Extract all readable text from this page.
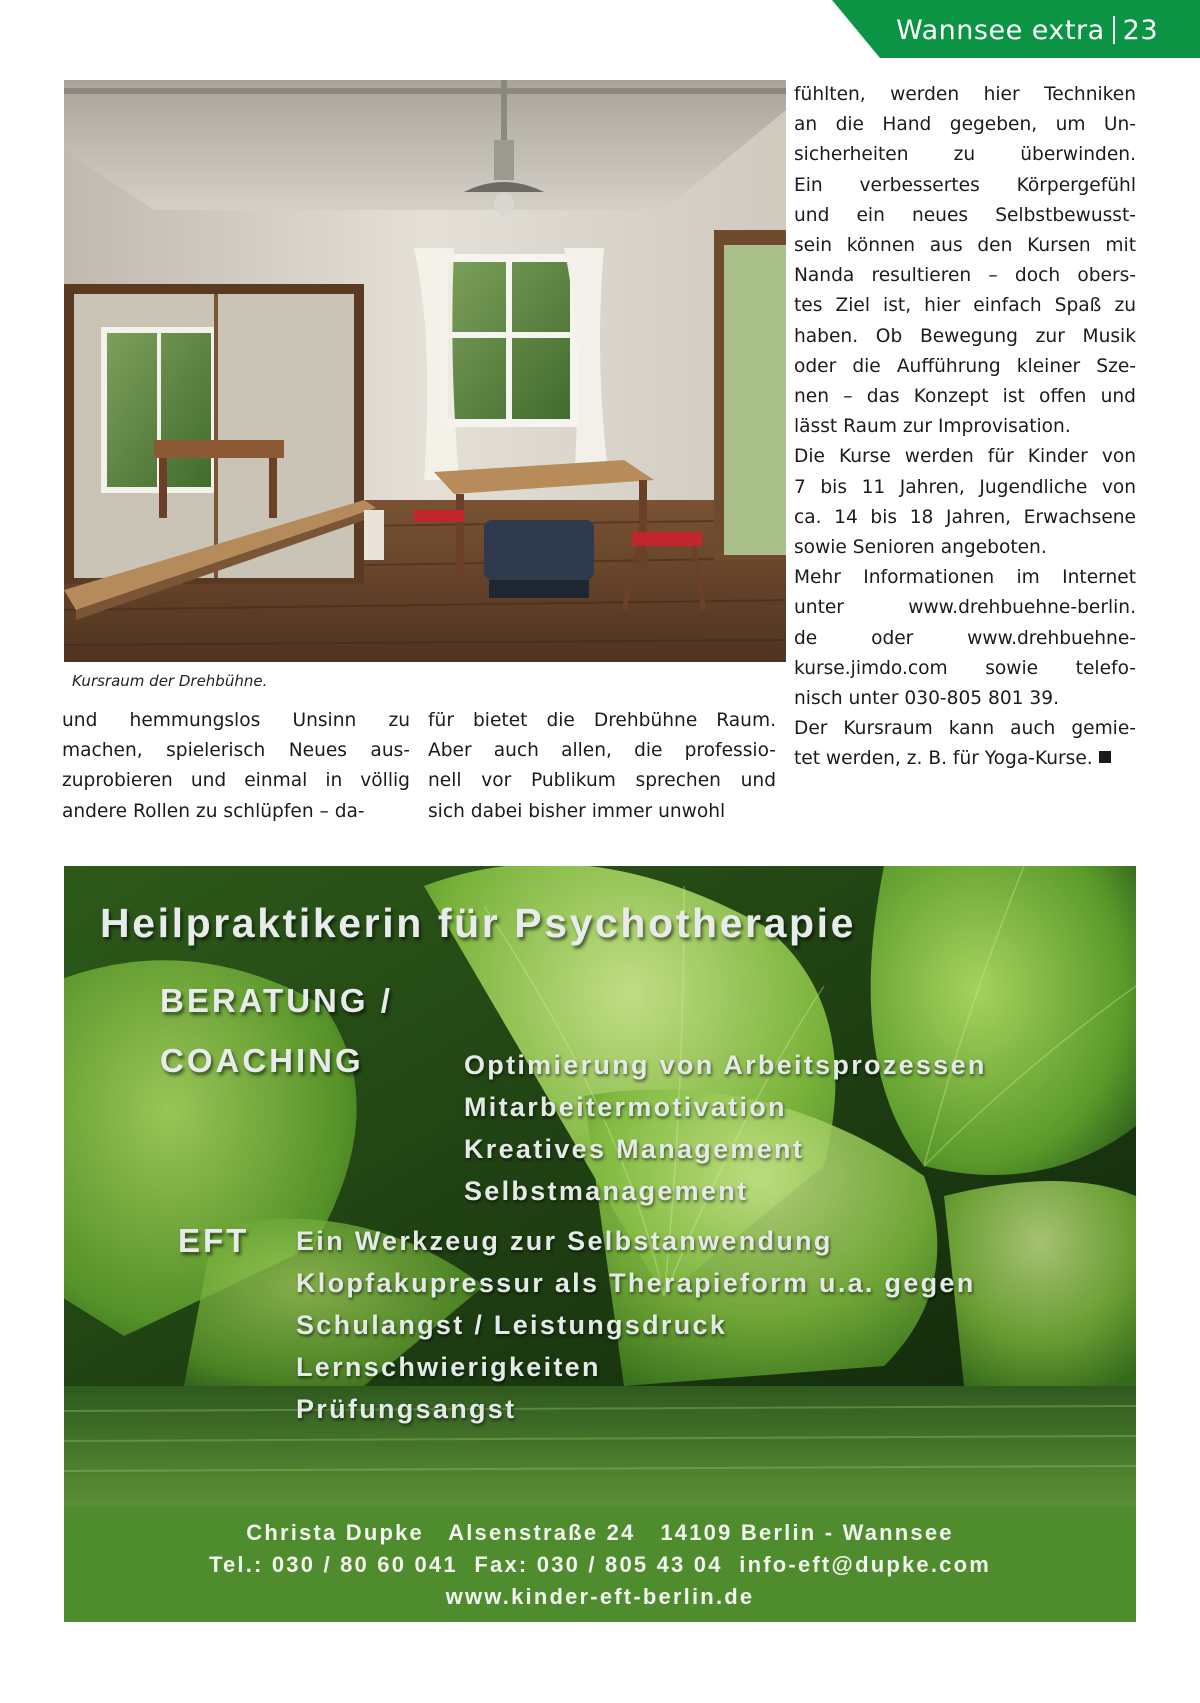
Wannsee extra 23
Kursraum der Drehbühne.
und hemmungslos Unsinn zu
machen, spielerisch Neues aus-
zuprobieren und einmal in völlig
andere Rollen zu schlüpfen – da-
für bietet die Drehbühne Raum.
Aber auch allen, die professio-
nell vor Publikum sprechen und
sich dabei bisher immer unwohl
fühlten, werden hier Techniken
an die Hand gegeben, um Un-
sicherheiten zu überwinden.
Ein verbessertes Körpergefühl
und ein neues Selbstbewusst-
sein können aus den Kursen mit
Nanda resultieren – doch obers-
tes Ziel ist, hier einfach Spaß zu
haben. Ob Bewegung zur Musik
oder die Aufführung kleiner Sze-
nen – das Konzept ist offen und
lässt Raum zur Improvisation.
Die Kurse werden für Kinder von
7 bis 11 Jahren, Jugendliche von
ca. 14 bis 18 Jahren, Erwachsene
sowie Senioren angeboten.
Mehr Informationen im Internet
unter www.drehbuehne-berlin.
de oder www.drehbuehne-
kurse.jimdo.com sowie telefo-
nisch unter 030-805 801 39.
Der Kursraum kann auch gemie-
tet werden, z. B. für Yoga-Kurse.
Heilpraktikerin für Psychotherapie
BERATUNG /
COACHING	Optimierung von Arbeitsprozessen
Mitarbeitermotivation
Kreatives Management
Selbstmanagement
EFT Ein Werkzeug zur Selbstanwendung
Klopfakupressur als Therapieform u.a. gegen
Schulangst / Leistungsdruck
Lernschwierigkeiten
Prüfungsangst
Christa Dupke   Alsenstraße 24   14109 Berlin - Wannsee
Tel.: 030 / 80 60 041  Fax: 030 / 805 43 04  info-eft@dupke.com
www.kinder-eft-berlin.de
